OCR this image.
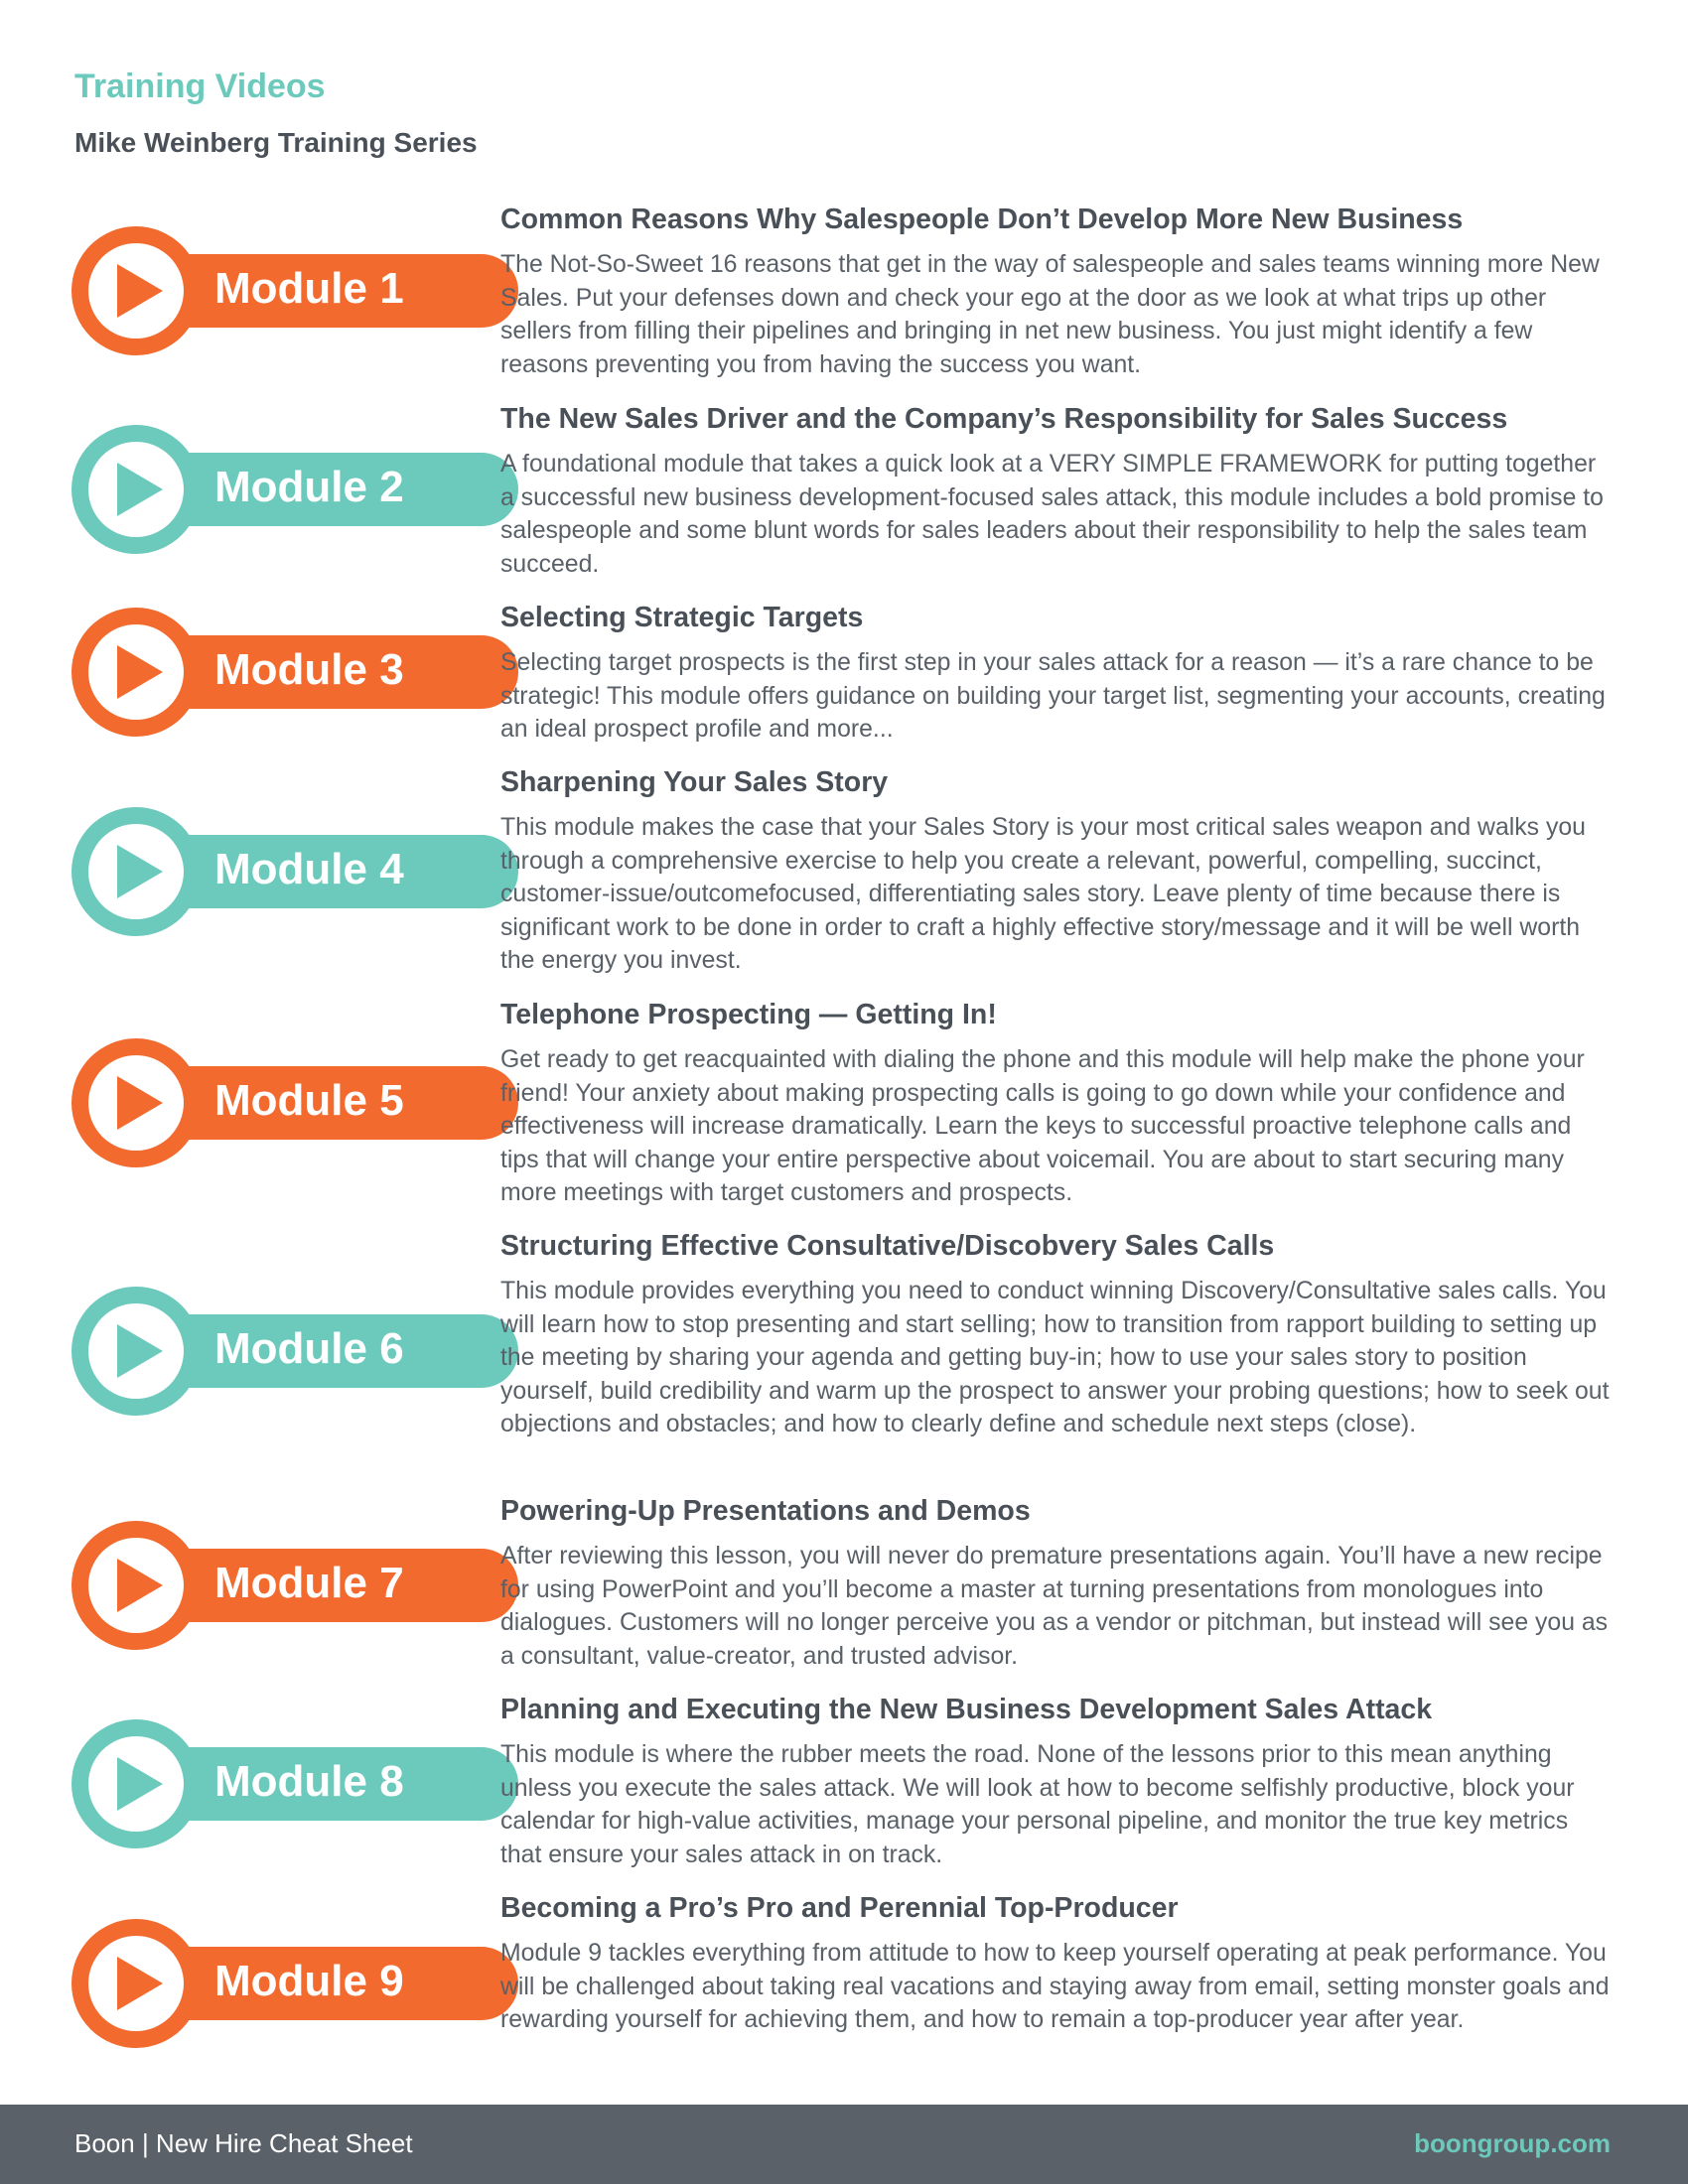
Training Videos
Mike Weinberg Training Series
Module 1
Common Reasons Why Salespeople Don’t Develop More New Business
The Not-So-Sweet 16 reasons that get in the way of salespeople and sales teams winning more New Sales. Put your defenses down and check your ego at the door as we look at what trips up other sellers from filling their pipelines and bringing in net new business. You just might identify a few reasons preventing you from having the success you want.
Module 2
The New Sales Driver and the Company’s Responsibility for Sales Success
A foundational module that takes a quick look at a VERY SIMPLE FRAMEWORK for putting together a successful new business development-focused sales attack, this module includes a bold promise to salespeople and some blunt words for sales leaders about their responsibility to help the sales team succeed.
Module 3
Selecting Strategic Targets
Selecting target prospects is the first step in your sales attack for a reason — it’s a rare chance to be strategic! This module offers guidance on building your target list, segmenting your accounts, creating an ideal prospect profile and more...
Module 4
Sharpening Your Sales Story
This module makes the case that your Sales Story is your most critical sales weapon and walks you through a comprehensive exercise to help you create a relevant, powerful, compelling, succinct, customer-issue/outcomefocused, differentiating sales story. Leave plenty of time because there is significant work to be done in order to craft a highly effective story/message and it will be well worth the energy you invest.
Module 5
Telephone Prospecting — Getting In!
Get ready to get reacquainted with dialing the phone and this module will help make the phone your friend! Your anxiety about making prospecting calls is going to go down while your confidence and effectiveness will increase dramatically. Learn the keys to successful proactive telephone calls and tips that will change your entire perspective about voicemail. You are about to start securing many more meetings with target customers and prospects.
Module 6
Structuring Effective Consultative/Discobvery Sales Calls
This module provides everything you need to conduct winning Discovery/Consultative sales calls. You will learn how to stop presenting and start selling; how to transition from rapport building to setting up the meeting by sharing your agenda and getting buy-in; how to use your sales story to position yourself, build credibility and warm up the prospect to answer your probing questions; how to seek out objections and obstacles; and how to clearly define and schedule next steps (close).
Module 7
Powering-Up Presentations and Demos
After reviewing this lesson, you will never do premature presentations again. You’ll have a new recipe for using PowerPoint and you’ll become a master at turning presentations from monologues into dialogues. Customers will no longer perceive you as a vendor or pitchman, but instead will see you as a consultant, value-creator, and trusted advisor.
Module 8
Planning and Executing the New Business Development Sales Attack
This module is where the rubber meets the road. None of the lessons prior to this mean anything unless you execute the sales attack. We will look at how to become selfishly productive, block your calendar for high-value activities, manage your personal pipeline, and monitor the true key metrics that ensure your sales attack in on track.
Module 9
Becoming a Pro’s Pro and Perennial Top-Producer
Module 9 tackles everything from attitude to how to keep yourself operating at peak performance. You will be challenged about taking real vacations and staying away from email, setting monster goals and rewarding yourself for achieving them, and how to remain a top-producer year after year.
Boon | New Hire Cheat Sheet	boongroup.com
